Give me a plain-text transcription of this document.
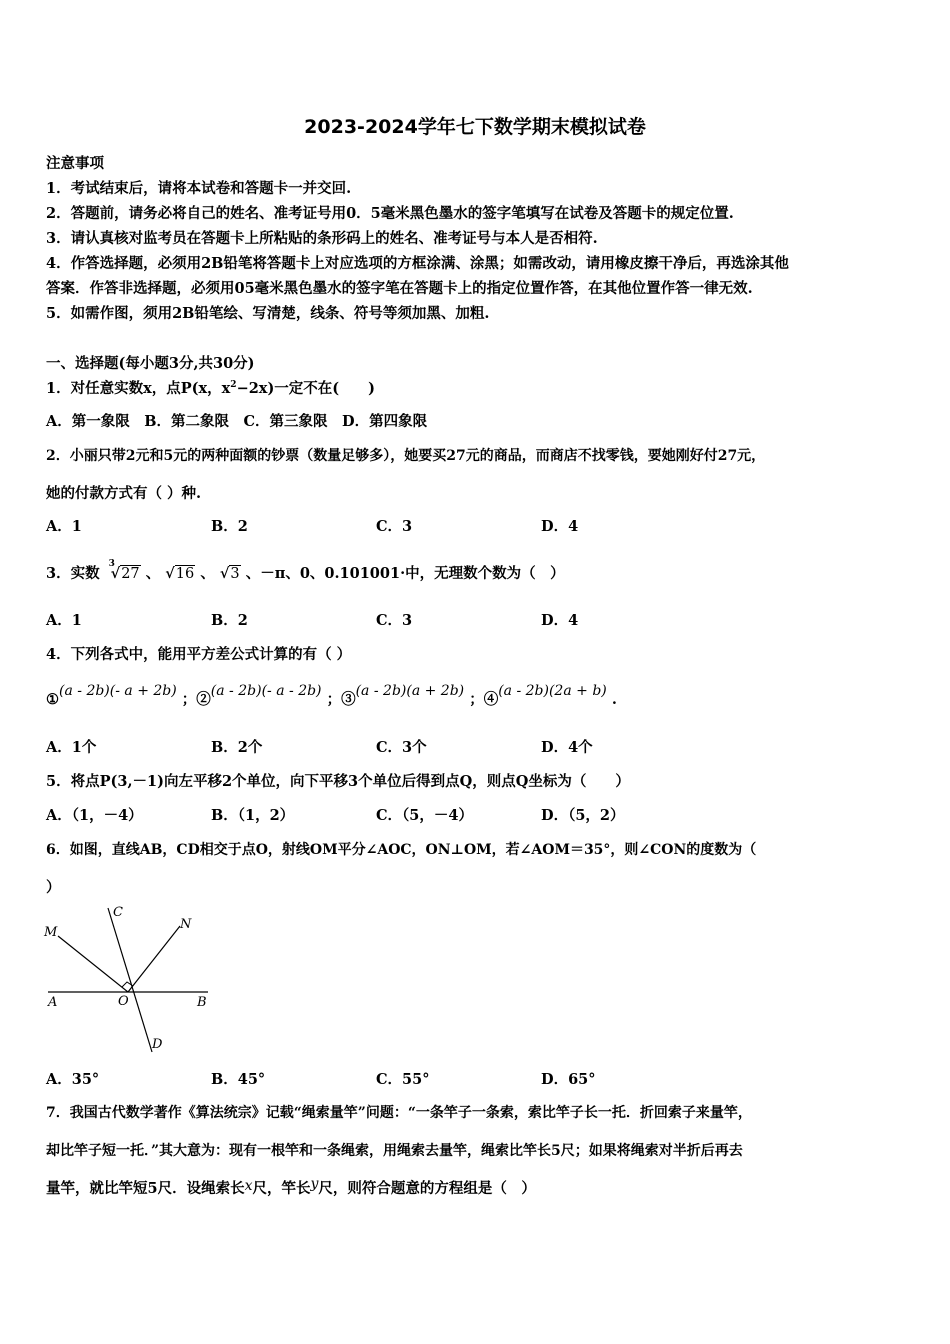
2023-2024学年七下数学期末模拟试卷
注意事项
1．考试结束后，请将本试卷和答题卡一并交回.
2．答题前，请务必将自己的姓名、准考证号用0．5毫米黑色墨水的签字笔填写在试卷及答题卡的规定位置.
3．请认真核对监考员在答题卡上所粘贴的条形码上的姓名、准考证号与本人是否相符.
4．作答选择题，必须用2B铅笔将答题卡上对应选项的方框涂满、涂黑；如需改动，请用橡皮擦干净后，再选涂其他
答案．作答非选择题，必须用05毫米黑色墨水的签字笔在答题卡上的指定位置作答，在其他位置作答一律无效.
5．如需作图，须用2B铅笔绘、写清楚，线条、符号等须加黑、加粗.
一、选择题(每小题3分,共30分)
1．对任意实数x，点P(x，$x^2-2x$)一定不在(　　)
A．第一象限　B．第二象限　C．第三象限　D．第四象限
2．小丽只带2元和5元的两种面额的钞票（数量足够多），她要买27元的商品，而商店不找零钱，要她刚好付27元，
她的付款方式有（ ）种.
A．1	B．2	C．3	D．4
3．实数
3
√27 、 √16 、 √3 、－π、0、0.101001·中，无理数个数为（　）
A．1	B．2	C．3	D．4
4．下列各式中，能用平方差公式计算的有（ ）
①(a - 2b)(- a + 2b) ；②(a - 2b)(- a - 2b) ；③(a - 2b)(a + 2b) ；④(a - 2b)(2a + b) .
A．1个	B．2个	C．3个	D．4个
5．将点P(3,－1)向左平移2个单位，向下平移3个单位后得到点Q，则点Q坐标为（　　）
A．（1，－4）	B．（1，2）	C．（5，－4）	D．（5，2）
6．如图，直线AB，CD相交于点O，射线OM平分∠AOC，ON⊥OM，若∠AOM＝35°，则∠CON的度数为（
）
M
C
N
A	O	B
D
A．35°	B．45°	C．55°	D．65°
7．我国古代数学著作《算法统宗》记载“绳索量竿”问题：“一条竿子一条索，索比竿子长一托．折回索子来量竿，
却比竿子短一托．”其大意为：现有一根竿和一条绳索，用绳索去量竿，绳索比竿长5尺；如果将绳索对半折后再去
量竿，就比竿短5尺．设绳索长x尺，竿长y尺，则符合题意的方程组是（　）
